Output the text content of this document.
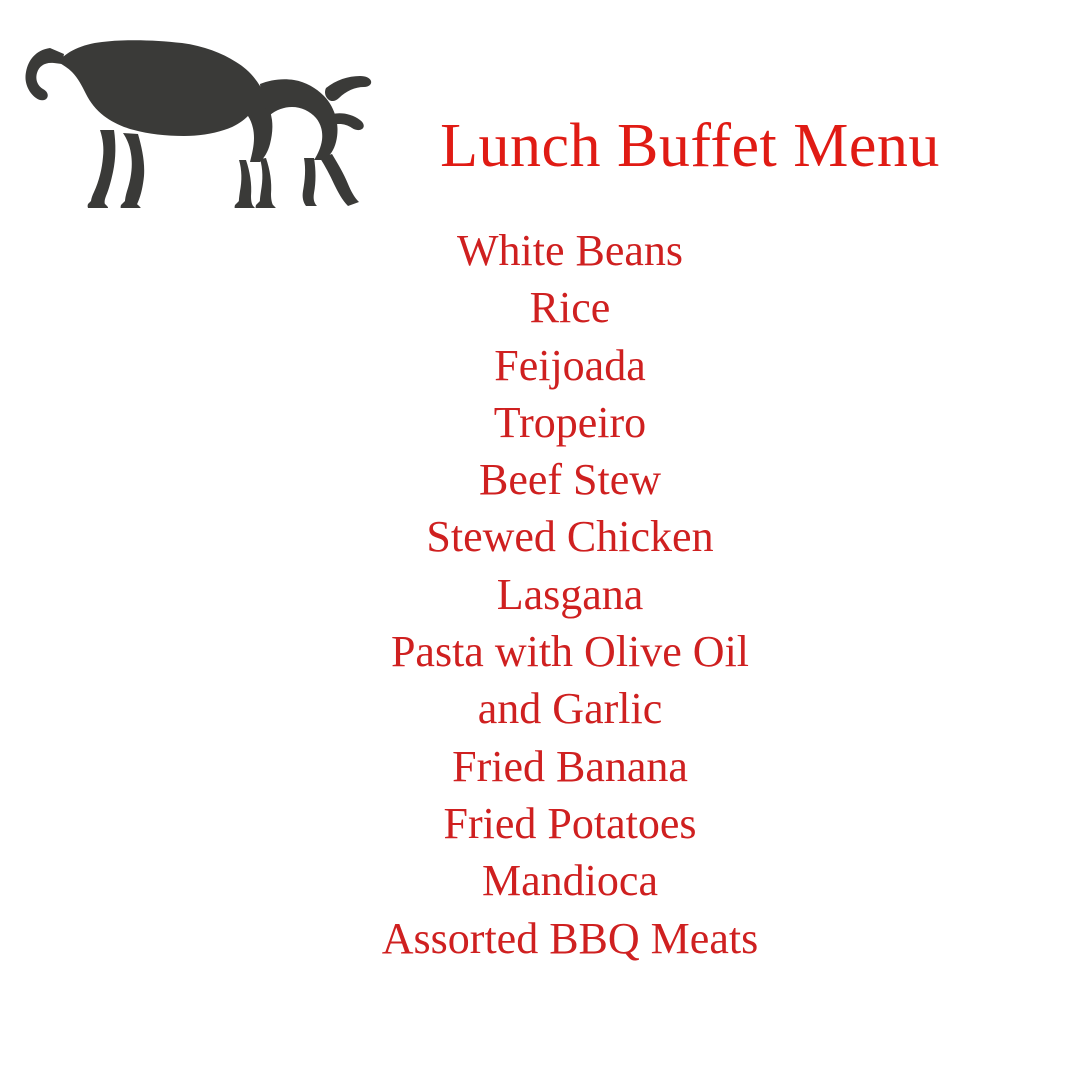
Lunch Buffet Menu
White Beans
Rice
Feijoada
Tropeiro
Beef Stew
Stewed Chicken
Lasgana
Pasta with Olive Oil
and Garlic
Fried Banana
Fried Potatoes
Mandioca
Assorted BBQ Meats
